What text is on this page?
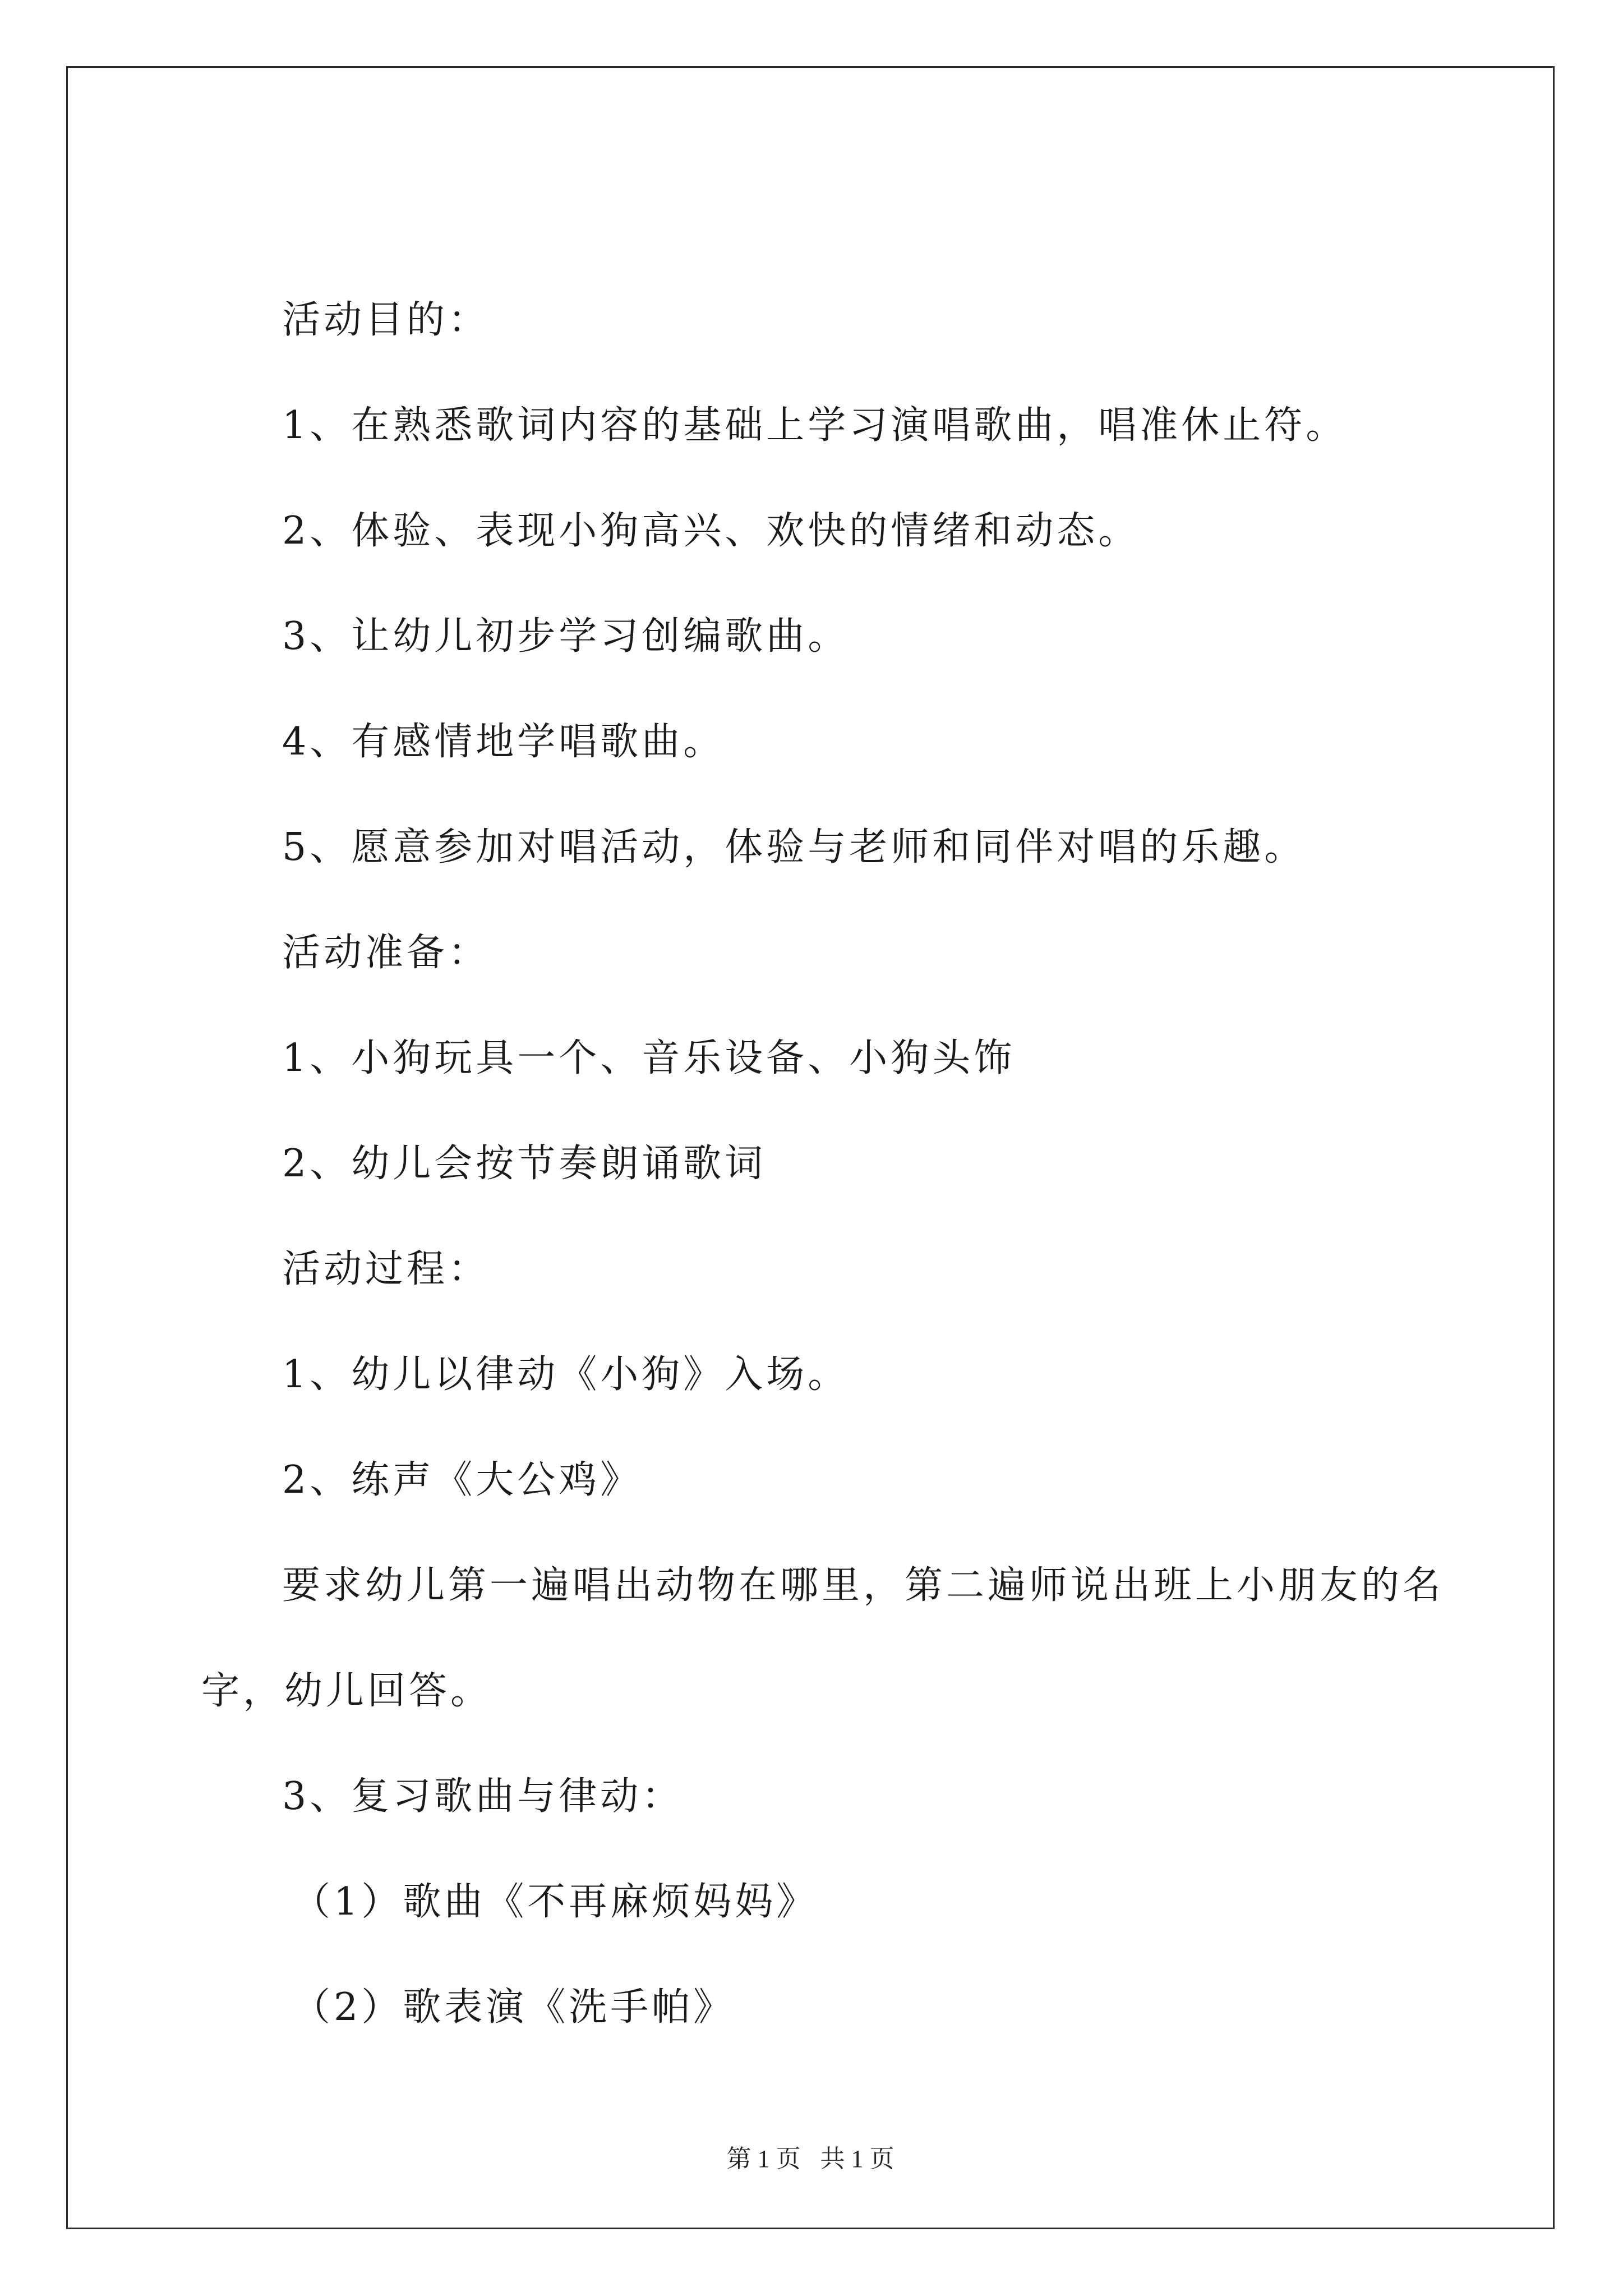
活动目的：
1、在熟悉歌词内容的基础上学习演唱歌曲，唱准休止符。
2、体验、表现小狗高兴、欢快的情绪和动态。
3、让幼儿初步学习创编歌曲。
4、有感情地学唱歌曲。
5、愿意参加对唱活动，体验与老师和同伴对唱的乐趣。
活动准备：
1、小狗玩具一个、音乐设备、小狗头饰
2、幼儿会按节奏朗诵歌词
活动过程：
1、幼儿以律动《小狗》入场。
2、练声《大公鸡》
要求幼儿第一遍唱出动物在哪里，第二遍师说出班上小朋友的名
字，幼儿回答。
3、复习歌曲与律动：
（1）歌曲《不再麻烦妈妈》
（2）歌表演《洗手帕》
第 1 页 共 1 页
